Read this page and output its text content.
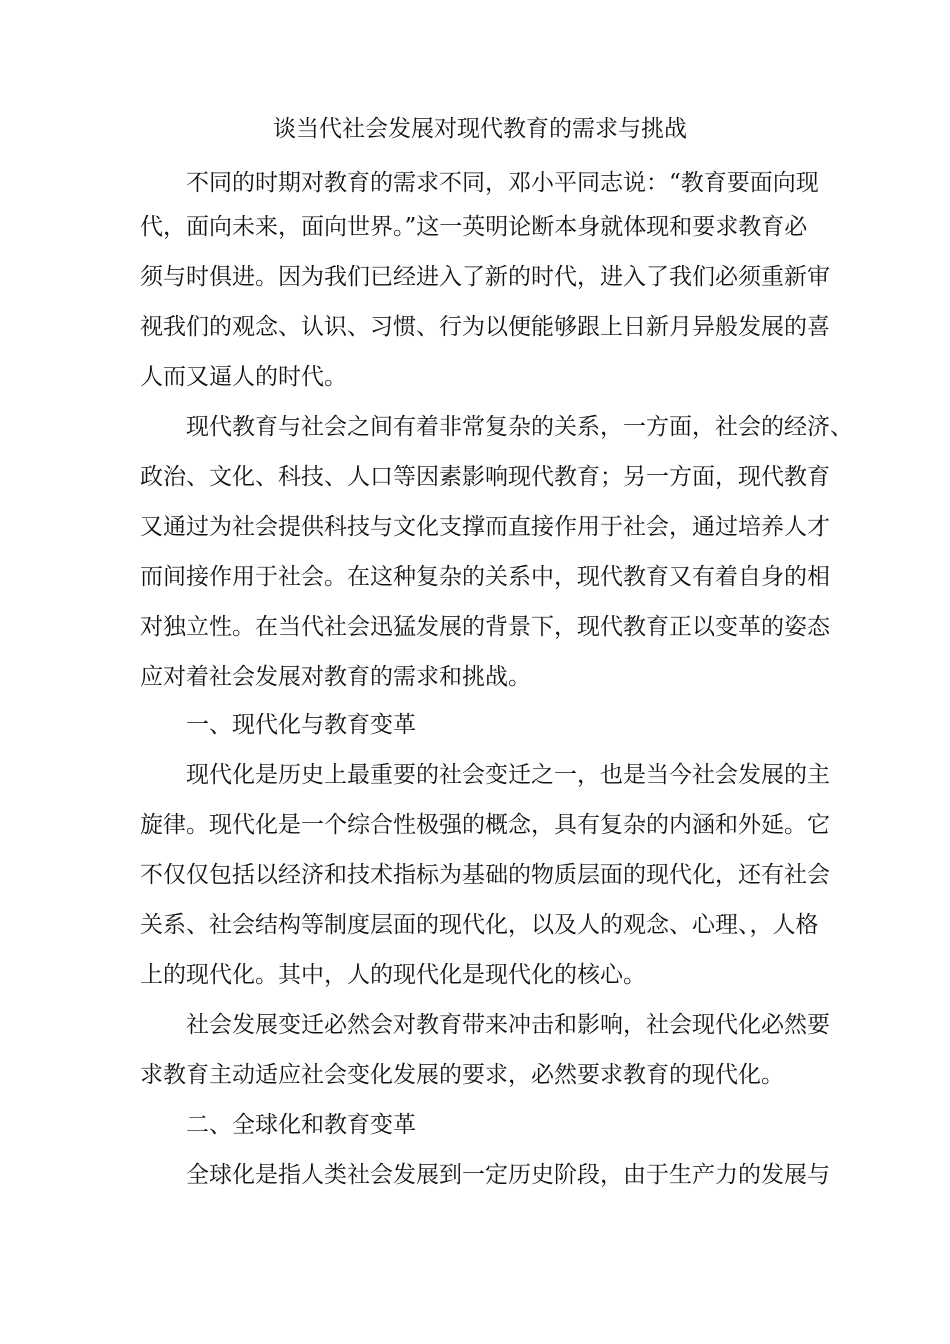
谈当代社会发展对现代教育的需求与挑战

不同的时期对教育的需求不同，邓小平同志说：“教育要面向现

代，面向未来，面向世界。”这一英明论断本身就体现和要求教育必

须与时俱进。因为我们已经进入了新的时代，进入了我们必须重新审

视我们的观念、认识、习惯、行为以便能够跟上日新月异般发展的喜

人而又逼人的时代。

现代教育与社会之间有着非常复杂的关系，一方面，社会的经济、

政治、文化、科技、人口等因素影响现代教育；另一方面，现代教育

又通过为社会提供科技与文化支撑而直接作用于社会，通过培养人才

而间接作用于社会。在这种复杂的关系中，现代教育又有着自身的相

对独立性。在当代社会迅猛发展的背景下，现代教育正以变革的姿态

应对着社会发展对教育的需求和挑战。

一、现代化与教育变革

现代化是历史上最重要的社会变迁之一，也是当今社会发展的主

旋律。现代化是一个综合性极强的概念，具有复杂的内涵和外延。它

不仅仅包括以经济和技术指标为基础的物质层面的现代化，还有社会

关系、社会结构等制度层面的现代化，以及人的观念、心理、，人格

上的现代化。其中，人的现代化是现代化的核心。

社会发展变迁必然会对教育带来冲击和影响，社会现代化必然要

求教育主动适应社会变化发展的要求，必然要求教育的现代化。

二、全球化和教育变革

全球化是指人类社会发展到一定历史阶段，由于生产力的发展与
